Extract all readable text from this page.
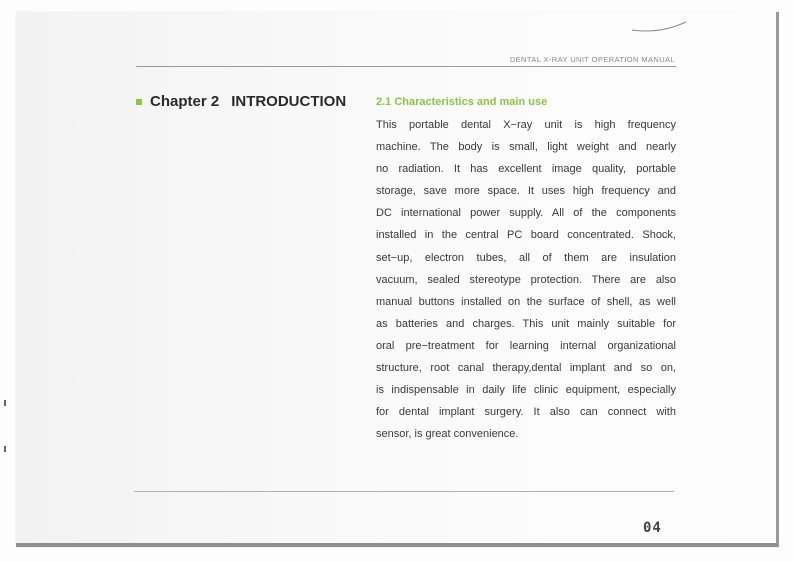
DENTAL X-RAY UNIT OPERATION MANUAL
Chapter 2 INTRODUCTION	2.1 Characteristics and main use
This portable dental X−ray unit is high frequency
machine. The body is small, light weight and nearly
no radiation. It has excellent image quality, portable
storage, save more space. It uses high frequency and
DC international power supply. All of the components
installed in the central PC board concentrated. Shock,
set−up, electron tubes, all of them are insulation
vacuum, sealed stereotype protection. There are also
manual buttons installed on the surface of shell, as well
as batteries and charges. This unit mainly suitable for
oral pre−treatment for learning internal organizational
structure, root canal therapy,dental implant and so on,
is indispensable in daily life clinic equipment, especially
for dental implant surgery. It also can connect with
sensor, is great convenience.
04
